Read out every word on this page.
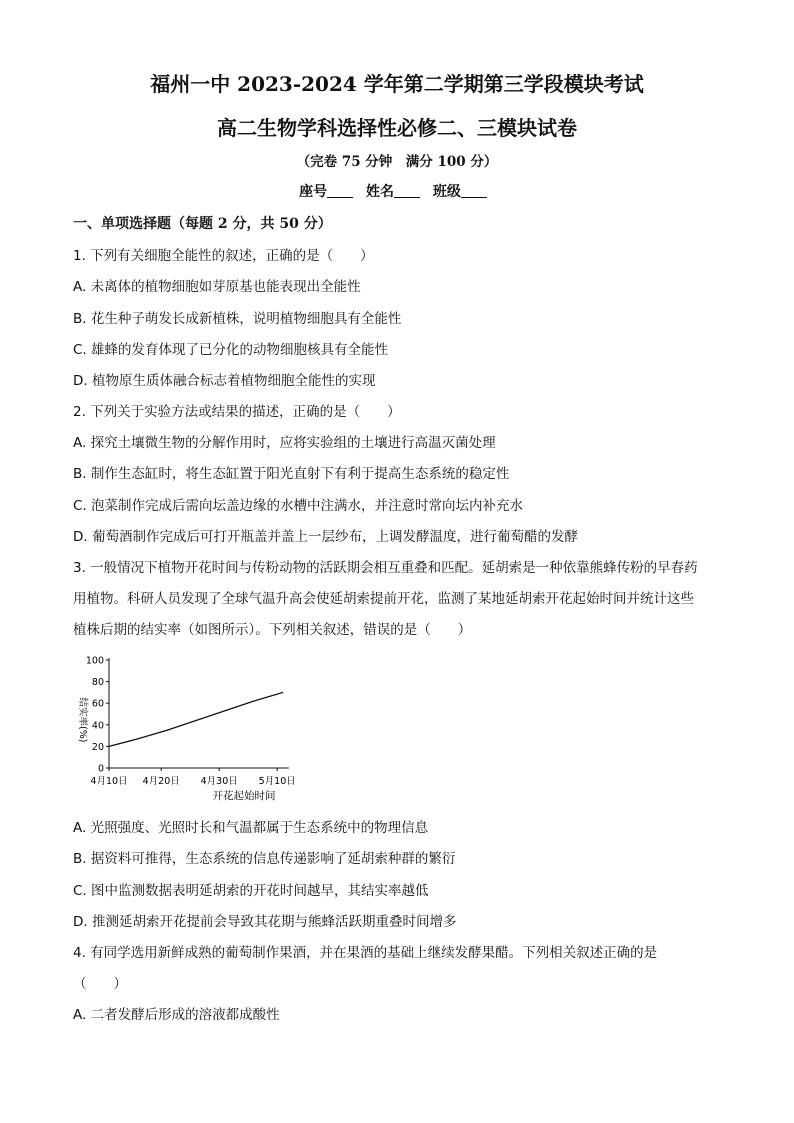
福州一中 2023-2024 学年第二学期第三学段模块考试
高二生物学科选择性必修二、三模块试卷
（完卷 75 分钟　满分 100 分）
座号	姓名	班级
一、单项选择题（每题 2 分，共 50 分）
1. 下列有关细胞全能性的叙述，正确的是（　　）
A. 未离体的植物细胞如芽原基也能表现出全能性
B. 花生种子萌发长成新植株，说明植物细胞具有全能性
C. 雄蜂的发育体现了已分化的动物细胞核具有全能性
D. 植物原生质体融合标志着植物细胞全能性的实现
2. 下列关于实验方法或结果的描述，正确的是（　　）
A. 探究土壤微生物的分解作用时，应将实验组的土壤进行高温灭菌处理
B. 制作生态缸时，将生态缸置于阳光直射下有利于提高生态系统的稳定性
C. 泡菜制作完成后需向坛盖边缘的水槽中注满水，并注意时常向坛内补充水
D. 葡萄酒制作完成后可打开瓶盖并盖上一层纱布，上调发酵温度，进行葡萄醋的发酵
3. 一般情况下植物开花时间与传粉动物的活跃期会相互重叠和匹配。延胡索是一种依靠熊蜂传粉的早春药
用植物。科研人员发现了全球气温升高会使延胡索提前开花，监测了某地延胡索开花起始时间并统计这些
植株后期的结实率（如图所示）。下列相关叙述，错误的是（　　）
0
20
40
60
80
100
4月10日 4月20日 4月30日 5月10日
结实率(%)
开花起始时间
A. 光照强度、光照时长和气温都属于生态系统中的物理信息
B. 据资料可推得，生态系统的信息传递影响了延胡索种群的繁衍
C. 图中监测数据表明延胡索的开花时间越早，其结实率越低
D. 推测延胡索开花提前会导致其花期与熊蜂活跃期重叠时间增多
4. 有同学选用新鲜成熟的葡萄制作果酒，并在果酒的基础上继续发酵果醋。下列相关叙述正确的是
（　　）
A. 二者发酵后形成的溶液都成酸性
